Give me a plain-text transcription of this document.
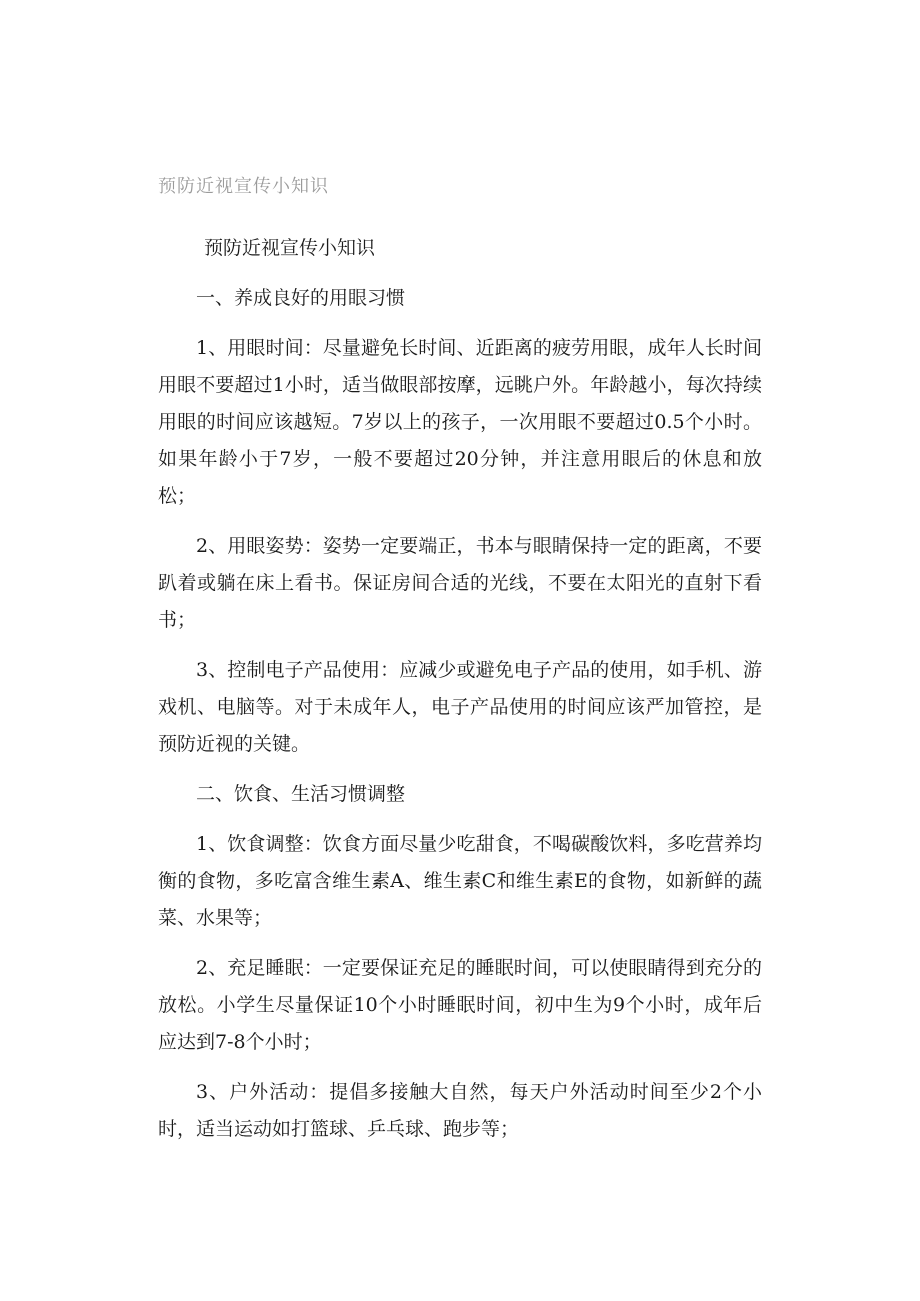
预防近视宣传小知识

预防近视宣传小知识

一、养成良好的用眼习惯

1、用眼时间：尽量避免长时间、近距离的疲劳用眼，成年人长时间用眼不要超过1小时，适当做眼部按摩，远眺户外。年龄越小，每次持续用眼的时间应该越短。7岁以上的孩子，一次用眼不要超过0.5个小时。如果年龄小于7岁，一般不要超过20分钟，并注意用眼后的休息和放松；

2、用眼姿势：姿势一定要端正，书本与眼睛保持一定的距离，不要趴着或躺在床上看书。保证房间合适的光线，不要在太阳光的直射下看书；

3、控制电子产品使用：应减少或避免电子产品的使用，如手机、游戏机、电脑等。对于未成年人，电子产品使用的时间应该严加管控，是预防近视的关键。

二、饮食、生活习惯调整

1、饮食调整：饮食方面尽量少吃甜食，不喝碳酸饮料，多吃营养均衡的食物，多吃富含维生素A、维生素C和维生素E的食物，如新鲜的蔬菜、水果等；

2、充足睡眠：一定要保证充足的睡眠时间，可以使眼睛得到充分的放松。小学生尽量保证10个小时睡眠时间，初中生为9个小时，成年后应达到7-8个小时；

3、户外活动：提倡多接触大自然，每天户外活动时间至少2个小时，适当运动如打篮球、乒乓球、跑步等；
